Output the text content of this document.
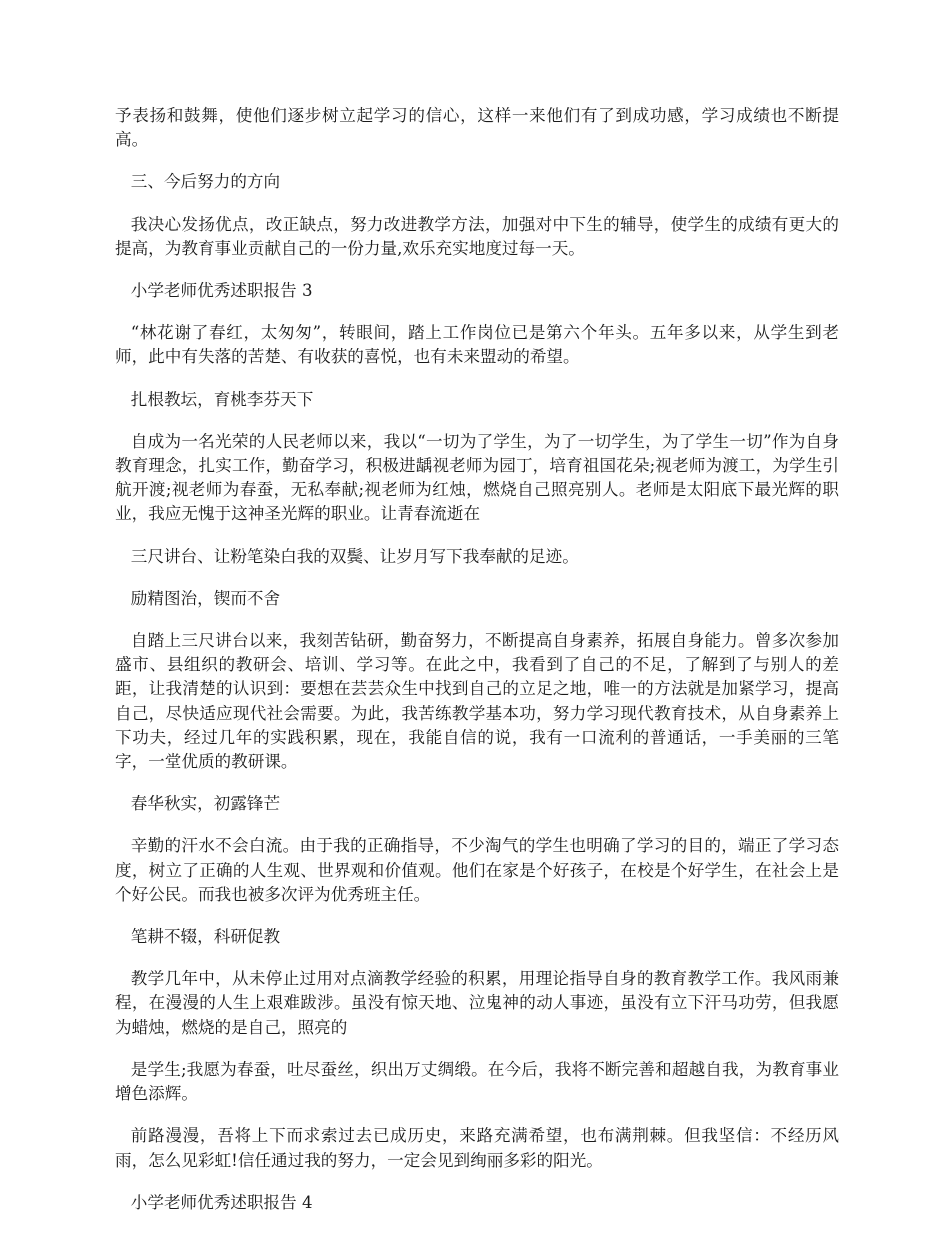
予表扬和鼓舞，使他们逐步树立起学习的信心，这样一来他们有了到成功感，学习成绩也不断提高。

三、今后努力的方向

我决心发扬优点，改正缺点，努力改进教学方法，加强对中下生的辅导，使学生的成绩有更大的提高，为教育事业贡献自己的一份力量,欢乐充实地度过每一天。

小学老师优秀述职报告 3

“林花谢了春红，太匆匆”，转眼间，踏上工作岗位已是第六个年头。五年多以来，从学生到老师，此中有失落的苦楚、有收获的喜悦，也有未来盟动的希望。

扎根教坛，育桃李芬天下

自成为一名光荣的人民老师以来，我以“一切为了学生，为了一切学生，为了学生一切”作为自身教育理念，扎实工作，勤奋学习，积极进龋视老师为园丁，培育祖国花朵;视老师为渡工，为学生引航开渡;视老师为春蚕，无私奉献;视老师为红烛，燃烧自己照亮别人。老师是太阳底下最光辉的职业，我应无愧于这神圣光辉的职业。让青春流逝在

三尺讲台、让粉笔染白我的双鬓、让岁月写下我奉献的足迹。

励精图治，锲而不舍

自踏上三尺讲台以来，我刻苦钻研，勤奋努力，不断提高自身素养，拓展自身能力。曾多次参加盛市、县组织的教研会、培训、学习等。在此之中，我看到了自己的不足，了解到了与别人的差距，让我清楚的认识到：要想在芸芸众生中找到自己的立足之地，唯一的方法就是加紧学习，提高自己，尽快适应现代社会需要。为此，我苦练教学基本功，努力学习现代教育技术，从自身素养上下功夫，经过几年的实践积累，现在，我能自信的说，我有一口流利的普通话，一手美丽的三笔字，一堂优质的教研课。

春华秋实，初露锋芒

辛勤的汗水不会白流。由于我的正确指导，不少淘气的学生也明确了学习的目的，端正了学习态度，树立了正确的人生观、世界观和价值观。他们在家是个好孩子，在校是个好学生，在社会上是个好公民。而我也被多次评为优秀班主任。

笔耕不辍，科研促教

教学几年中，从未停止过用对点滴教学经验的积累，用理论指导自身的教育教学工作。我风雨兼程，在漫漫的人生上艰难跋涉。虽没有惊天地、泣鬼神的动人事迹，虽没有立下汗马功劳，但我愿为蜡烛，燃烧的是自己，照亮的

是学生;我愿为春蚕，吐尽蚕丝，织出万丈绸缎。在今后，我将不断完善和超越自我，为教育事业增色添辉。

前路漫漫，吾将上下而求索过去已成历史，来路充满希望，也布满荆棘。但我坚信：不经历风雨，怎么见彩虹!信任通过我的努力，一定会见到绚丽多彩的阳光。

小学老师优秀述职报告 4
